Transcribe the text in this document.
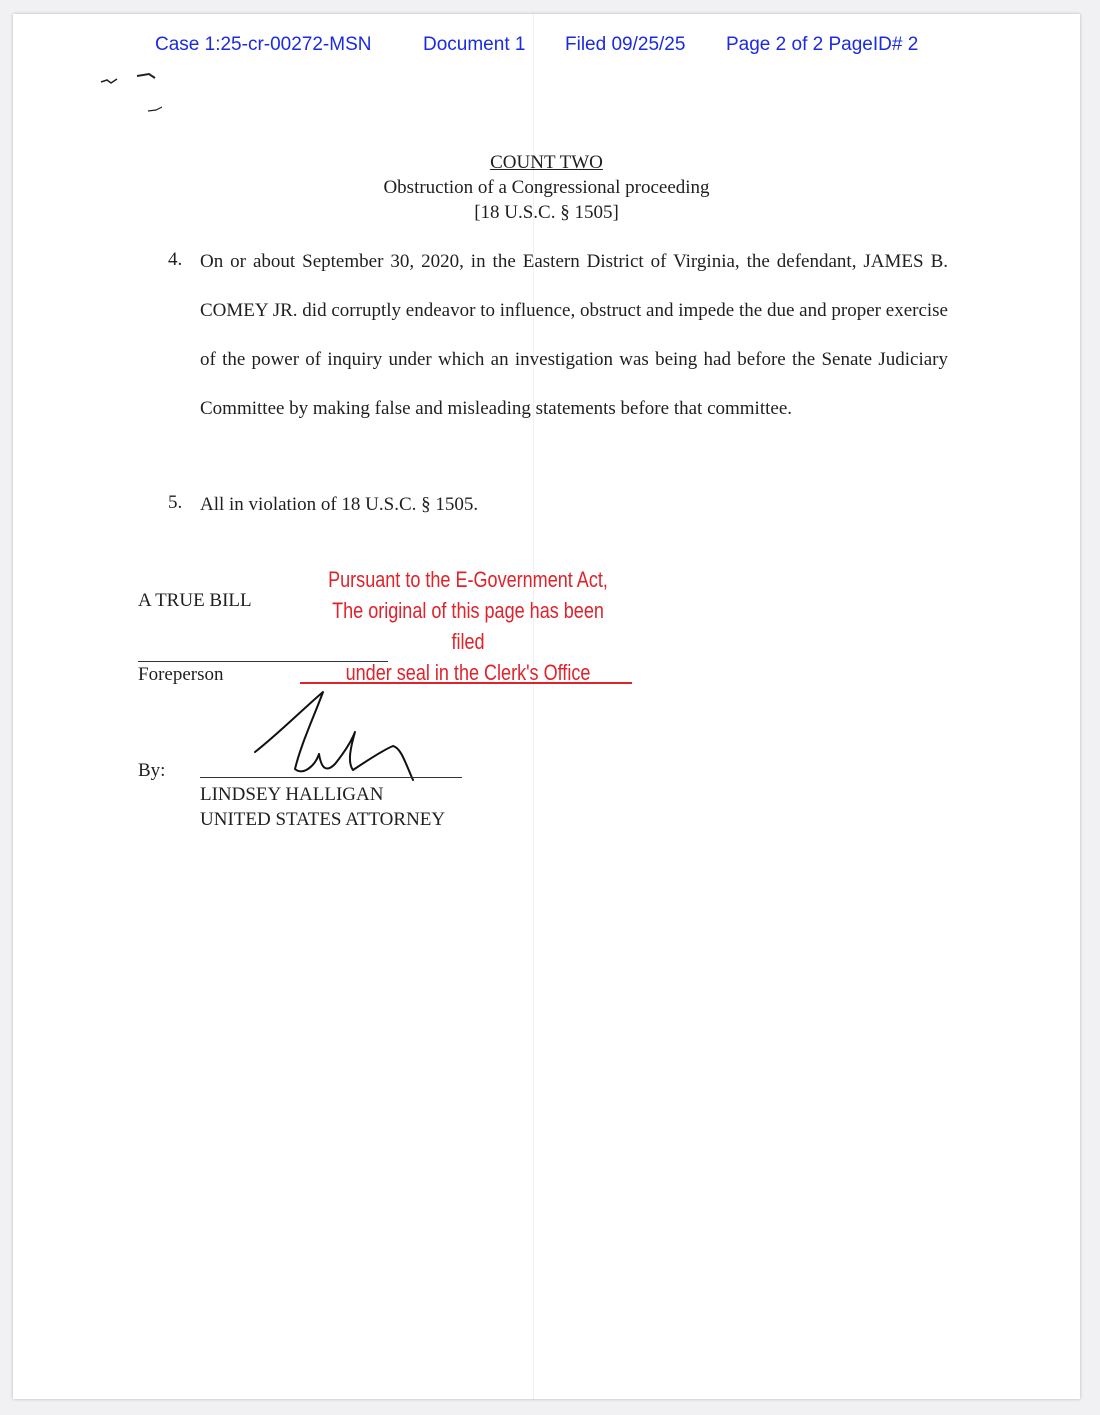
Case 1:25-cr-00272-MSN	Document 1 Filed 09/25/25 Page 2 of 2 PageID# 2
COUNT TWO
Obstruction of a Congressional proceeding
[18 U.S.C. § 1505]
4. On or about September 30, 2020, in the Eastern District of Virginia, the defendant, JAMES B. COMEY JR. did corruptly endeavor to influence, obstruct and impede the due and proper exercise of the power of inquiry under which an investigation was being had before the Senate Judiciary Committee by making false and misleading statements before that committee.
5. All in violation of 18 U.S.C. § 1505.
A TRUE BILL
Pursuant to the E-Government Act,
The original of this page has been filed
under seal in the Clerk's Office
Foreperson
By:
LINDSEY HALLIGAN
UNITED STATES ATTORNEY
